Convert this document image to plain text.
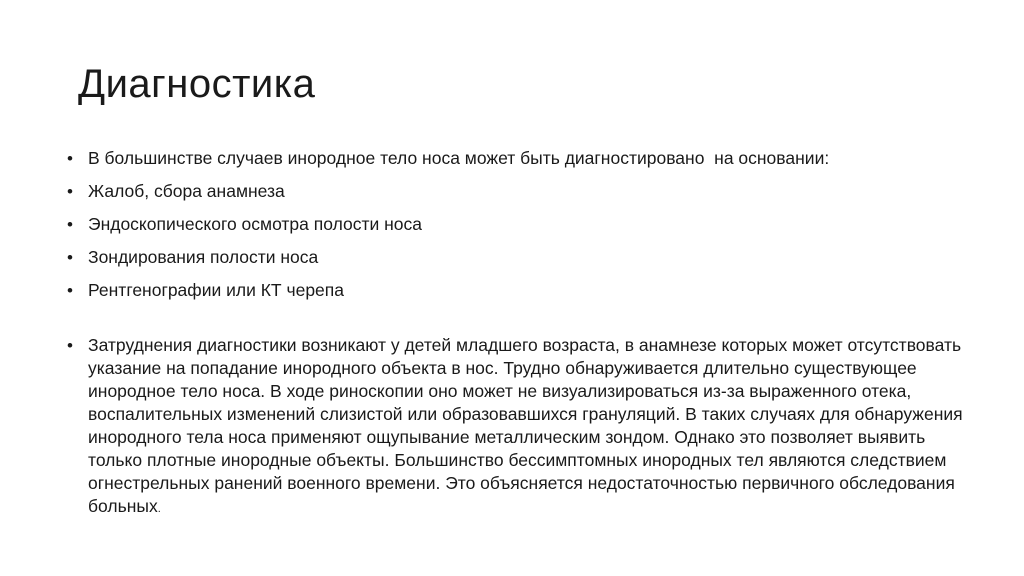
Диагностика
• В большинстве случаев инородное тело носа может быть диагностировано  на основании:
• Жалоб, сбора анамнеза
• Эндоскопического осмотра полости носа
• Зондирования полости носа
• Рентгенографии или КТ черепа
• Затруднения диагностики возникают у детей младшего возраста, в анамнезе которых может отсутствовать указание на попадание инородного объекта в нос. Трудно обнаруживается длительно существующее инородное тело носа. В ходе риноскопии оно может не визуализироваться из-за выраженного отека, воспалительных изменений слизистой или образовавшихся грануляций. В таких случаях для обнаружения инородного тела носа применяют ощупывание металлическим зондом. Однако это позволяет выявить только плотные инородные объекты. Большинство бессимптомных инородных тел являются следствием огнестрельных ранений военного времени. Это объясняется недостаточностью первичного обследования больных.
